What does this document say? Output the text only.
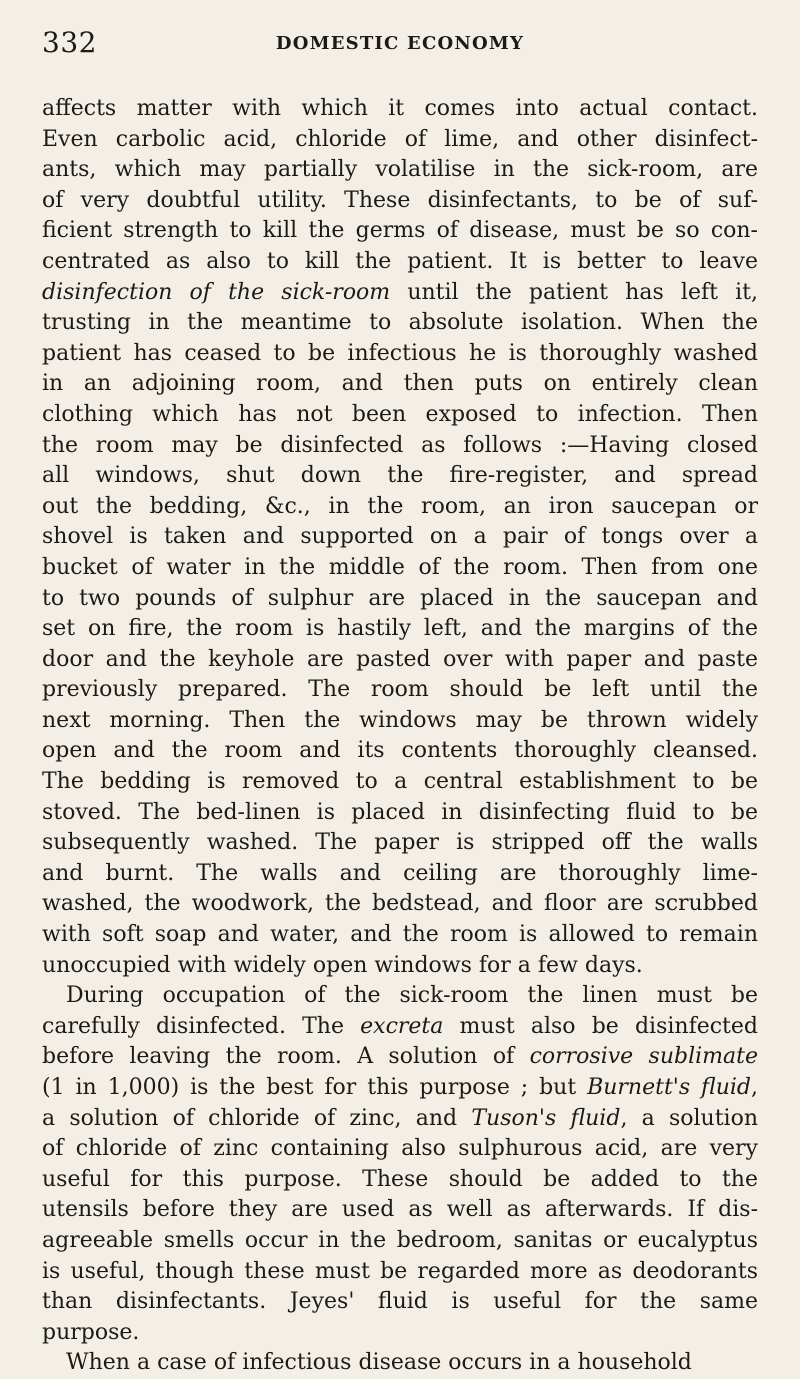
332	DOMESTIC ECONOMY
affects matter with which it comes into actual contact.
Even carbolic acid, chloride of lime, and other disinfect-
ants, which may partially volatilise in the sick-room, are
of very doubtful utility. These disinfectants, to be of suf-
ficient strength to kill the germs of disease, must be so con-
centrated as also to kill the patient. It is better to leave
disinfection of the sick-room until the patient has left it,
trusting in the meantime to absolute isolation. When the
patient has ceased to be infectious he is thoroughly washed
in an adjoining room, and then puts on entirely clean
clothing which has not been exposed to infection. Then
the room may be disinfected as follows :—Having closed
all windows, shut down the fire-register, and spread
out the bedding, &c., in the room, an iron saucepan or
shovel is taken and supported on a pair of tongs over a
bucket of water in the middle of the room. Then from one
to two pounds of sulphur are placed in the saucepan and
set on fire, the room is hastily left, and the margins of the
door and the keyhole are pasted over with paper and paste
previously prepared. The room should be left until the
next morning. Then the windows may be thrown widely
open and the room and its contents thoroughly cleansed.
The bedding is removed to a central establishment to be
stoved. The bed-linen is placed in disinfecting fluid to be
subsequently washed. The paper is stripped off the walls
and burnt. The walls and ceiling are thoroughly lime-
washed, the woodwork, the bedstead, and floor are scrubbed
with soft soap and water, and the room is allowed to remain
unoccupied with widely open windows for a few days.
During occupation of the sick-room the linen must be
carefully disinfected. The excreta must also be disinfected
before leaving the room. A solution of corrosive sublimate
(1 in 1,000) is the best for this purpose ; but Burnett's fluid,
a solution of chloride of zinc, and Tuson's fluid, a solution
of chloride of zinc containing also sulphurous acid, are very
useful for this purpose. These should be added to the
utensils before they are used as well as afterwards. If dis-
agreeable smells occur in the bedroom, sanitas or eucalyptus
is useful, though these must be regarded more as deodorants
than disinfectants. Jeyes' fluid is useful for the same
purpose.
When a case of infectious disease occurs in a household
